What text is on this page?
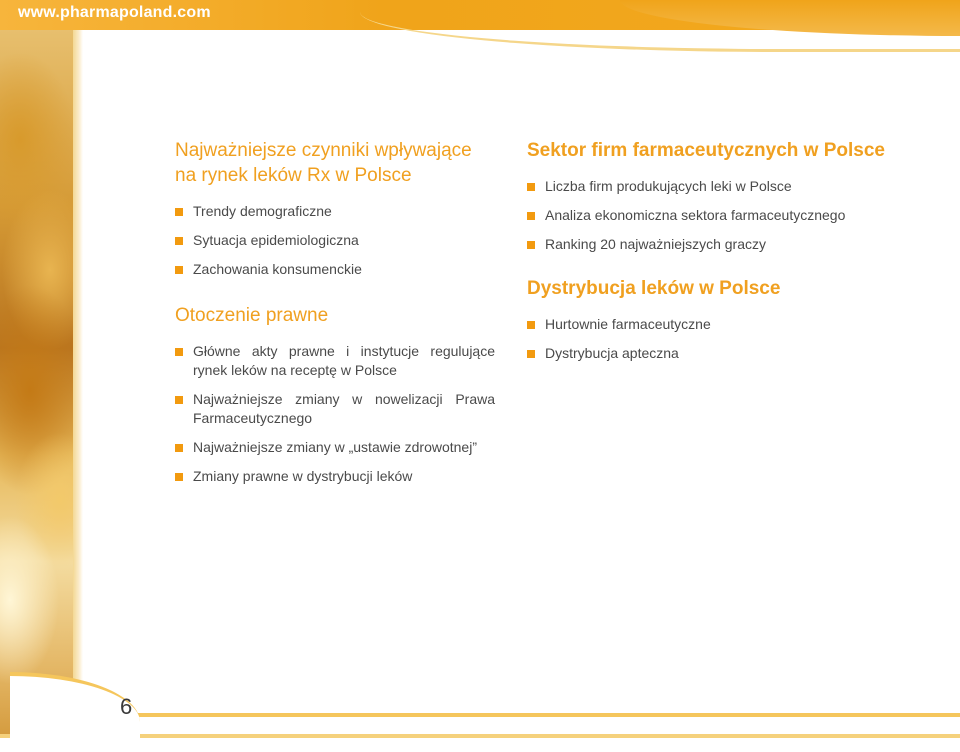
www.pharmapoland.com
Najważniejsze czynniki wpływające na rynek leków Rx w Polsce
Trendy demograficzne
Sytuacja epidemiologiczna
Zachowania konsumenckie
Otoczenie prawne
Główne akty prawne i instytucje regulujące rynek leków na receptę w Polsce
Najważniejsze zmiany w nowelizacji Prawa Farmaceutycznego
Najważniejsze zmiany w „ustawie zdrowotnej”
Zmiany prawne w dystrybucji leków
Sektor firm farmaceutycznych w Polsce
Liczba firm produkujących leki w Polsce
Analiza ekonomiczna sektora farmaceutycznego
Ranking 20 najważniejszych graczy
Dystrybucja leków w Polsce
Hurtownie farmaceutyczne
Dystrybucja apteczna
6
